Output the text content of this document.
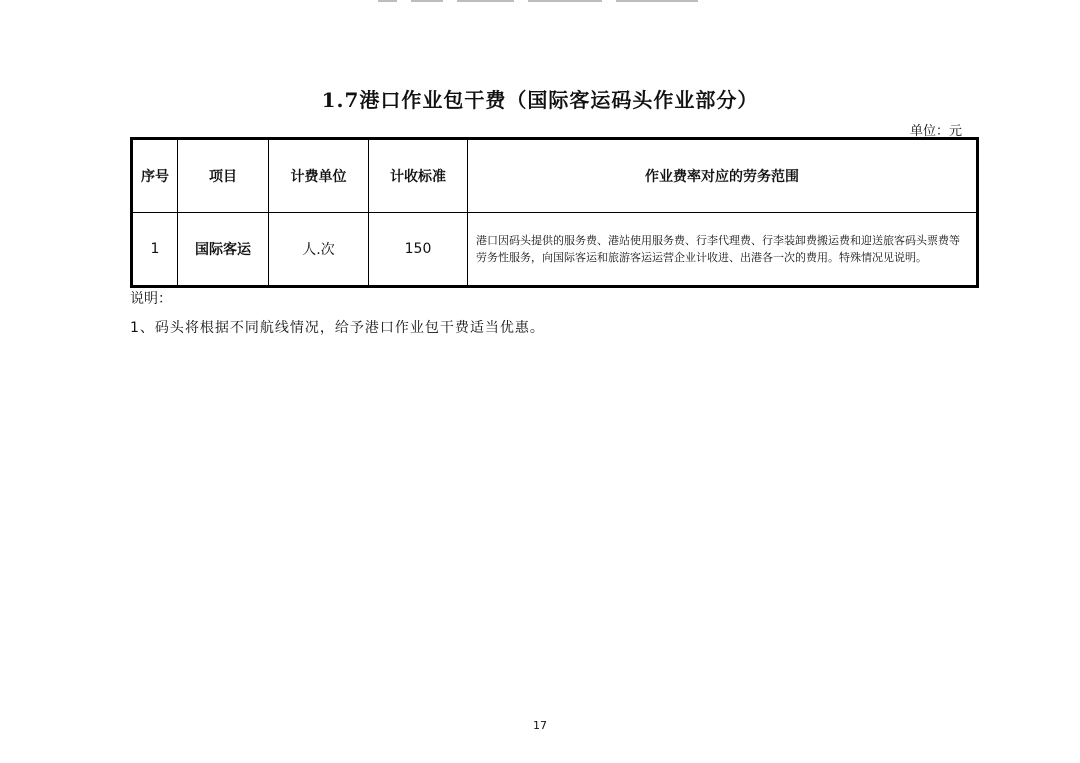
1.7港口作业包干费（国际客运码头作业部分）
单位：元
序号	项目	计费单位	计收标准	作业费率对应的劳务范围
1	国际客运	人.次	150	港口因码头提供的服务费、港站使用服务费、行李代理费、行李装卸费搬运费和迎送旅客码头票费等劳务性服务，向国际客运和旅游客运运营企业计收进、出港各一次的费用。特殊情况见说明。
说明：
1、码头将根据不同航线情况，给予港口作业包干费适当优惠。
17
